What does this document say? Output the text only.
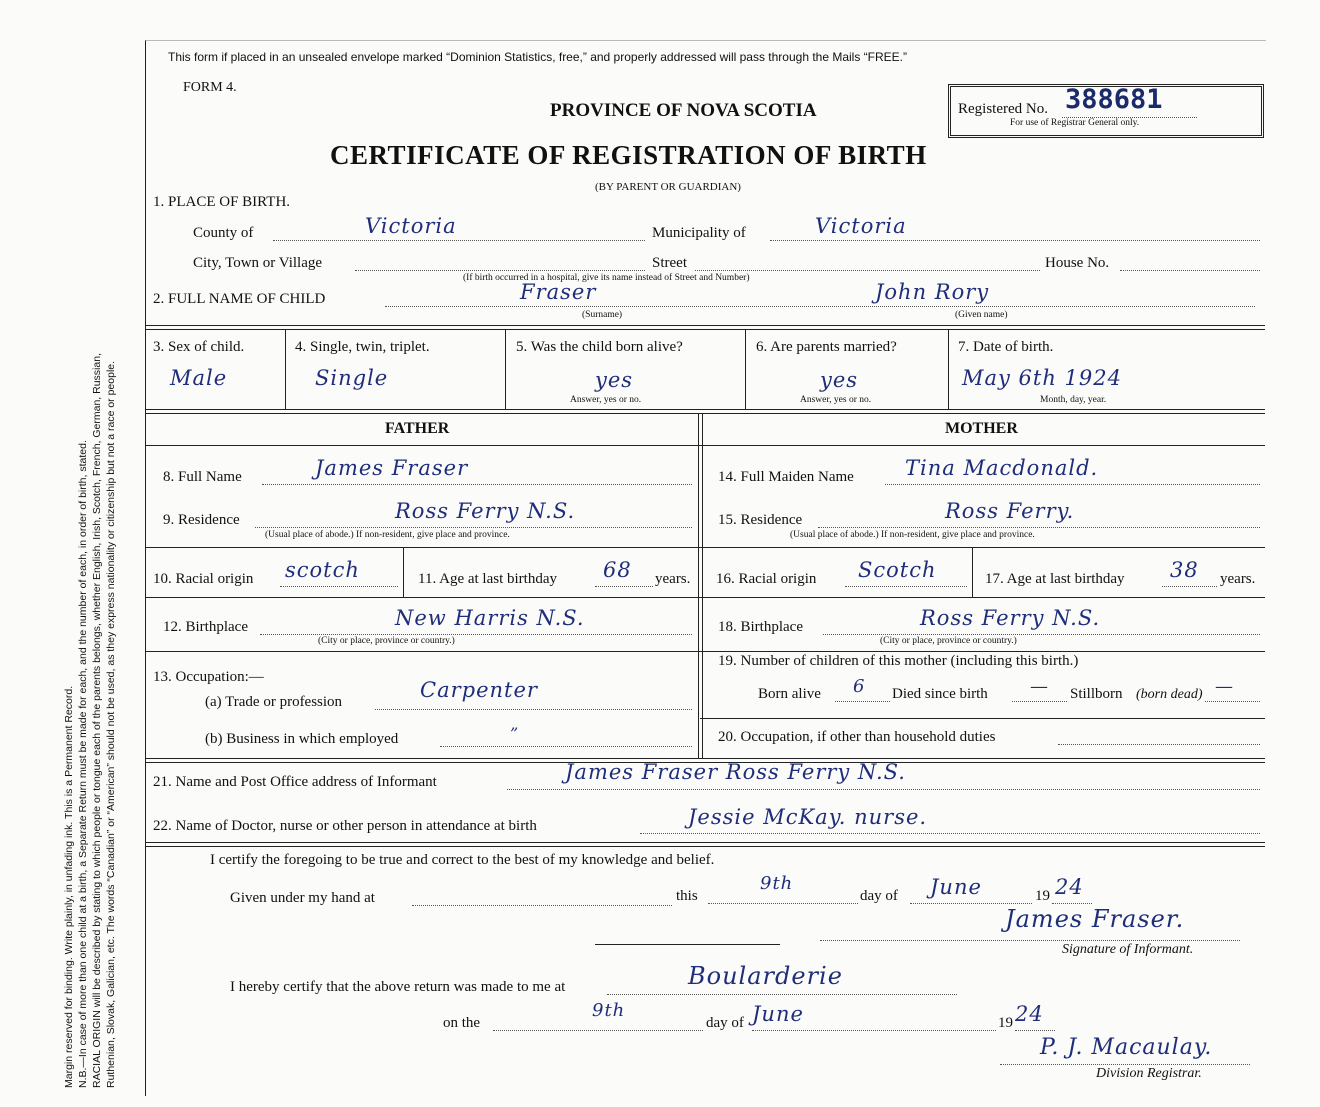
Margin reserved for binding. Write plainly, in unfading ink. This is a Permanent Record. N.B.—In case of more than one child at a birth, a Separate Return must be made for each, and the number of each, in order of birth, stated. RACIAL ORIGIN will be described by stating to which people or tongue each of the parents belongs, whether English, Irish, Scotch, French, German, Russian, Ruthenian, Slovak, Galician, etc. The words “Canadian” or “American” should not be used, as they express nationality or citizenship but not a race or people.
This form if placed in an unsealed envelope marked “Dominion Statistics, free,” and properly addressed will pass through the Mails “FREE.”
FORM 4.
PROVINCE OF NOVA SCOTIA
CERTIFICATE OF REGISTRATION OF BIRTH
(BY PARENT OR GUARDIAN)
Registered No. 388681
For use of Registrar General only.
1. PLACE OF BIRTH.
County of	Victoria	Municipality of	Victoria
City, Town or Village	Street	House No.
(If birth occurred in a hospital, give its name instead of Street and Number)
2. FULL NAME OF CHILD	Fraser
(Surname)
John Rory
(Given name)
3. Sex of child.
Male
4. Single, twin, triplet.
Single
5. Was the child born alive?
yes
Answer, yes or no.
6. Are parents married?
yes
Answer, yes or no.
7. Date of birth.
May 6th 1924
Month, day, year.
FATHER	MOTHER
8. Full Name	James Fraser	14. Full Maiden Name Tina Macdonald.
9. Residence	Ross Ferry N.S.
(Usual place of abode.) If non-resident, give place and province.
15. Residence	Ross Ferry.
(Usual place of abode.) If non-resident, give place and province.
10. Racial origin scotch	11. Age at last birthday 68 years. 16. Racial origin Scotch	17. Age at last birthday 38 years.
12. Birthplace	New Harris N.S.
(City or place, province or country.)
18. Birthplace	Ross Ferry N.S.
(City or place, province or country.)
13. Occupation:—
(a) Trade or profession	Carpenter
19. Number of children of this mother (including this birth.)
Born alive 6 Died since birth — Stillborn (born dead) —
(b) Business in which employed	”	20. Occupation, if other than household duties
21. Name and Post Office address of Informant	James Fraser Ross Ferry N.S.
22. Name of Doctor, nurse or other person in attendance at birth	Jessie McKay. nurse.
I certify the foregoing to be true and correct to the best of my knowledge and belief.
Given under my hand at	this
9th
day of June	19 24
James Fraser.
Signature of Informant.
I hereby certify that the above return was made to me at	Boularderie
on the
9th
day of June	19 24
P. J. Macaulay.
Division Registrar.
